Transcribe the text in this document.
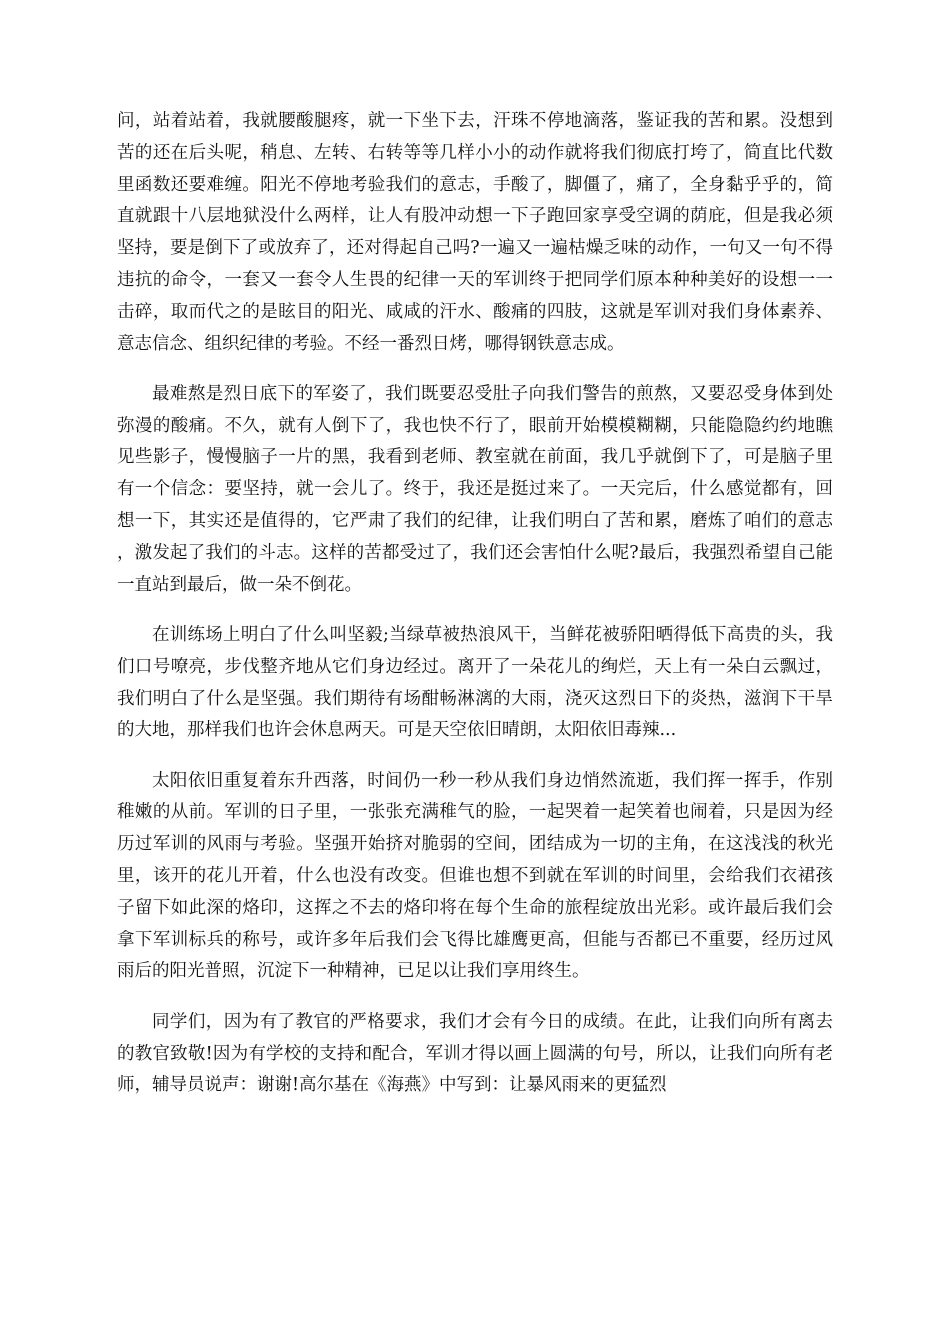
问，站着站着，我就腰酸腿疼，就一下坐下去，汗珠不停地滴落，鉴证我的苦和累。没想到苦的还在后头呢，稍息、左转、右转等等几样小小的动作就将我们彻底打垮了，简直比代数里函数还要难缠。阳光不停地考验我们的意志，手酸了，脚僵了，痛了，全身黏乎乎的，简直就跟十八层地狱没什么两样，让人有股冲动想一下子跑回家享受空调的荫庇，但是我必须坚持，要是倒下了或放弃了，还对得起自己吗?一遍又一遍枯燥乏味的动作，一句又一句不得违抗的命令，一套又一套令人生畏的纪律一天的军训终于把同学们原本种种美好的设想一一击碎，取而代之的是眩目的阳光、咸咸的汗水、酸痛的四肢，这就是军训对我们身体素养、意志信念、组织纪律的考验。不经一番烈日烤，哪得钢铁意志成。

最难熬是烈日底下的军姿了，我们既要忍受肚子向我们警告的煎熬，又要忍受身体到处弥漫的酸痛。不久，就有人倒下了，我也快不行了，眼前开始模模糊糊，只能隐隐约约地瞧见些影子，慢慢脑子一片的黑，我看到老师、教室就在前面，我几乎就倒下了，可是脑子里有一个信念：要坚持，就一会儿了。终于，我还是挺过来了。一天完后，什么感觉都有，回想一下，其实还是值得的，它严肃了我们的纪律，让我们明白了苦和累，磨炼了咱们的意志，激发起了我们的斗志。这样的苦都受过了，我们还会害怕什么呢?最后，我强烈希望自己能一直站到最后，做一朵不倒花。

在训练场上明白了什么叫坚毅;当绿草被热浪风干，当鲜花被骄阳晒得低下高贵的头，我们口号嘹亮，步伐整齐地从它们身边经过。离开了一朵花儿的绚烂，天上有一朵白云飘过，我们明白了什么是坚强。我们期待有场酣畅淋漓的大雨，浇灭这烈日下的炎热，滋润下干旱的大地，那样我们也许会休息两天。可是天空依旧晴朗，太阳依旧毒辣...

太阳依旧重复着东升西落，时间仍一秒一秒从我们身边悄然流逝，我们挥一挥手，作别稚嫩的从前。军训的日子里，一张张充满稚气的脸，一起哭着一起笑着也闹着，只是因为经历过军训的风雨与考验。坚强开始挤对脆弱的空间，团结成为一切的主角，在这浅浅的秋光里，该开的花儿开着，什么也没有改变。但谁也想不到就在军训的时间里，会给我们衣裙孩子留下如此深的烙印，这挥之不去的烙印将在每个生命的旅程绽放出光彩。或许最后我们会拿下军训标兵的称号，或许多年后我们会飞得比雄鹰更高，但能与否都已不重要，经历过风雨后的阳光普照，沉淀下一种精神，已足以让我们享用终生。

同学们，因为有了教官的严格要求，我们才会有今日的成绩。在此，让我们向所有离去的教官致敬!因为有学校的支持和配合，军训才得以画上圆满的句号，所以，让我们向所有老师，辅导员说声：谢谢!高尔基在《海燕》中写到：让暴风雨来的更猛烈
